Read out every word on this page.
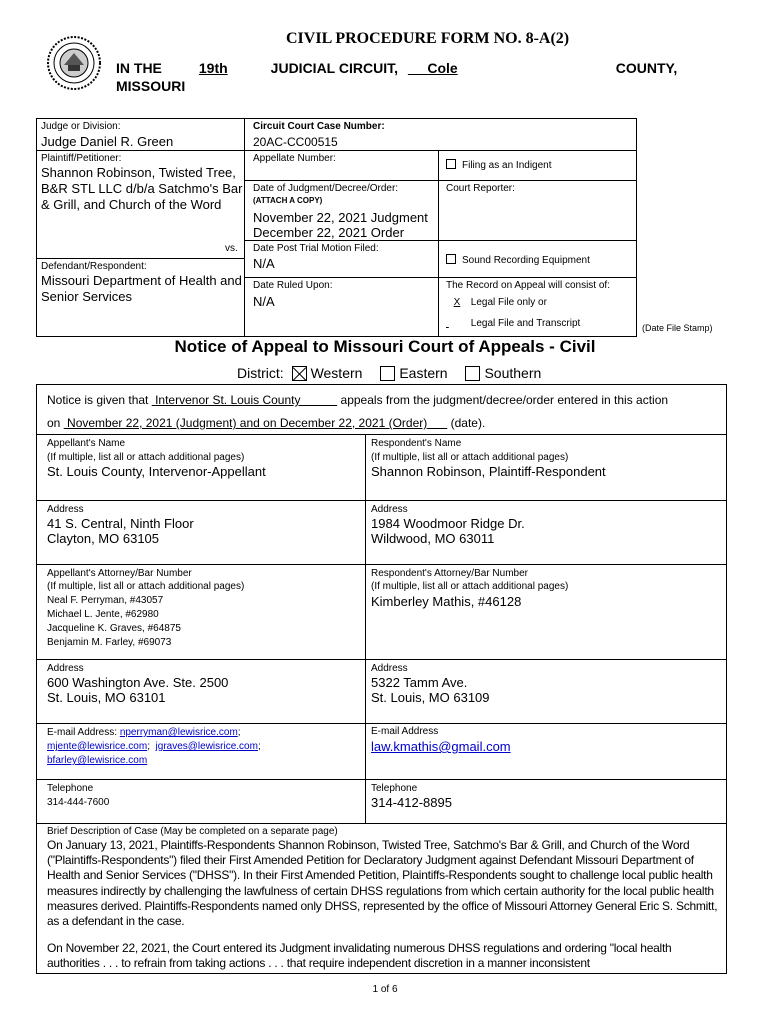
CIVIL PROCEDURE FORM NO. 8-A(2)
IN THE	19th	JUDICIAL CIRCUIT, Cole	COUNTY,
MISSOURI
Judge or Division:
Judge Daniel R. Green
Circuit Court Case Number:
20AC-CC00515
Plaintiff/Petitioner:
Shannon Robinson, Twisted Tree, B&R STL LLC d/b/a Satchmo's Bar & Grill, and Church of the Word
Appellate Number:
Filing as an Indigent
Date of Judgment/Decree/Order:
(ATTACH A COPY)
November 22, 2021 Judgment
December 22, 2021 Order
Court Reporter:
vs. Date Post Trial Motion Filed:
N/A	Sound Recording Equipment
Defendant/Respondent:
Missouri Department of Health and Senior Services
Date Ruled Upon:
N/A
The Record on Appeal will consist of:
X Legal File only or
Legal File and Transcript	(Date File Stamp)
Notice of Appeal to Missouri Court of Appeals - Civil
District: Western	Eastern	Southern
Notice is given that Intervenor St. Louis County	appeals from the judgment/decree/order entered in this action
on November 22, 2021 (Judgment) and on December 22, 2021 (Order) (date).
Appellant's Name
(If multiple, list all or attach additional pages)
St. Louis County, Intervenor-Appellant
Respondent's Name
(If multiple, list all or attach additional pages)
Shannon Robinson, Plaintiff-Respondent
Address
41 S. Central, Ninth Floor
Clayton, MO 63105
Address
1984 Woodmoor Ridge Dr.
Wildwood, MO 63011
Appellant's Attorney/Bar Number
(If multiple, list all or attach additional pages)
Neal F. Perryman, #43057
Michael L. Jente, #62980
Jacqueline K. Graves, #64875
Benjamin M. Farley, #69073
Respondent's Attorney/Bar Number
(If multiple, list all or attach additional pages)
Kimberley Mathis, #46128
Address
600 Washington Ave. Ste. 2500
St. Louis, MO 63101
Address
5322 Tamm Ave.
St. Louis, MO 63109
E-mail Address: nperryman@lewisrice.com;
mjente@lewisrice.com;  jgraves@lewisrice.com;
bfarley@lewisrice.com
E-mail Address
law.kmathis@gmail.com
Telephone
314-444-7600
Telephone
314-412-8895
Brief Description of Case (May be completed on a separate page)
On January 13, 2021, Plaintiffs-Respondents Shannon Robinson, Twisted Tree, Satchmo's Bar & Grill, and Church of the Word ("Plaintiffs-Respondents") filed their First Amended Petition for Declaratory Judgment against Defendant Missouri Department of Health and Senior Services ("DHSS"). In their First Amended Petition, Plaintiffs-Respondents sought to challenge local public health measures indirectly by challenging the lawfulness of certain DHSS regulations from which certain authority for the local public health measures derived. Plaintiffs-Respondents named only DHSS, represented by the office of Missouri Attorney General Eric S. Schmitt, as a defendant in the case.
On November 22, 2021, the Court entered its Judgment invalidating numerous DHSS regulations and ordering "local health authorities . . . to refrain from taking actions . . . that require independent discretion in a manner inconsistent
1 of 6
